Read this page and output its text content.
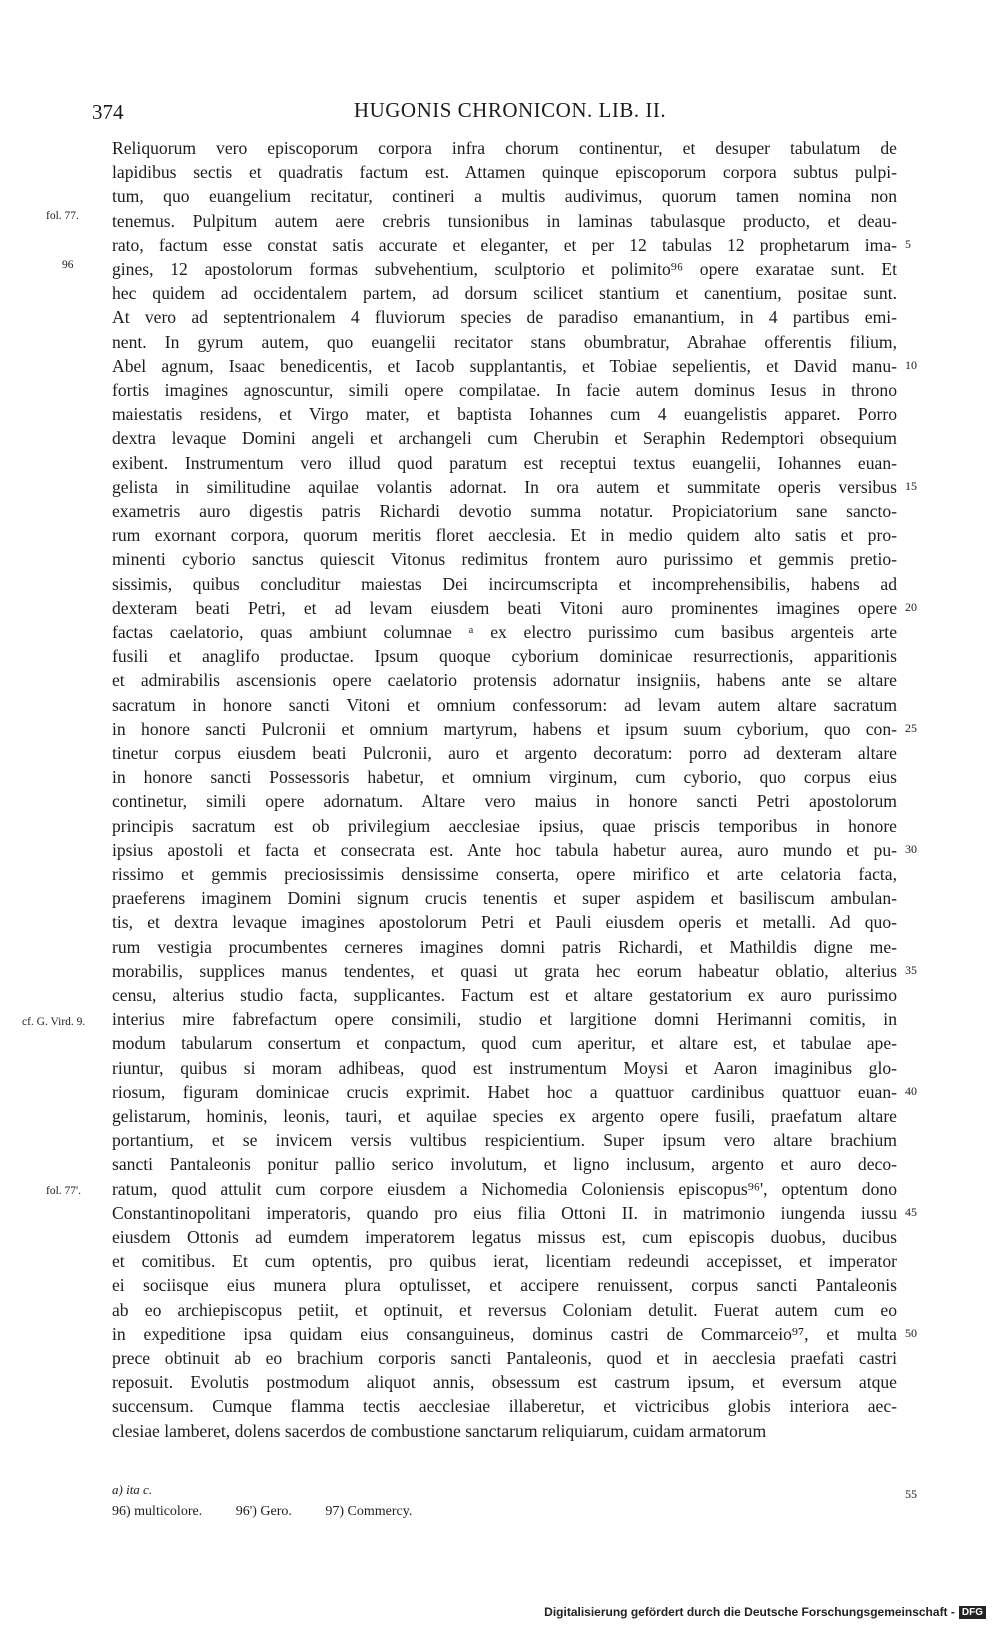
374	HUGONIS CHRONICON. LIB. II.
Reliquorum vero episcoporum corpora infra chorum continentur, et desuper tabulatum de
lapidibus sectis et quadratis factum est. Attamen quinque episcoporum corpora subtus pulpi-
tum, quo euangelium recitatur, contineri a multis audivimus, quorum tamen nomina non
tenemus. Pulpitum autem aere crebris tunsionibus in laminas tabulasque producto, et deau-
rato, factum esse constat satis accurate et eleganter, et per 12 tabulas 12 prophetarum ima-
gines, 12 apostolorum formas subvehentium, sculptorio et polimito⁹⁶ opere exaratae sunt. Et
hec quidem ad occidentalem partem, ad dorsum scilicet stantium et canentium, positae sunt.
At vero ad septentrionalem 4 fluviorum species de paradiso emanantium, in 4 partibus emi-
nent. In gyrum autem, quo euangelii recitator stans obumbratur, Abrahae offerentis filium,
Abel agnum, Isaac benedicentis, et Iacob supplantantis, et Tobiae sepelientis, et David manu-
fortis imagines agnoscuntur, simili opere compilatae. In facie autem dominus Iesus in throno
maiestatis residens, et Virgo mater, et baptista Iohannes cum 4 euangelistis apparet. Porro
dextra levaque Domini angeli et archangeli cum Cherubin et Seraphin Redemptori obsequium
exibent. Instrumentum vero illud quod paratum est receptui textus euangelii, Iohannes euan-
gelista in similitudine aquilae volantis adornat. In ora autem et summitate operis versibus
exametris auro digestis patris Richardi devotio summa notatur. Propiciatorium sane sancto-
rum exornant corpora, quorum meritis floret aecclesia. Et in medio quidem alto satis et pro-
minenti cyborio sanctus quiescit Vitonus redimitus frontem auro purissimo et gemmis pretio-
sissimis, quibus concluditur maiestas Dei incircumscripta et incomprehensibilis, habens ad
dexteram beati Petri, et ad levam eiusdem beati Vitoni auro prominentes imagines opere
factas caelatorio, quas ambiunt columnae ᵃ ex electro purissimo cum basibus argenteis arte
fusili et anaglifo productae. Ipsum quoque cyborium dominicae resurrectionis, apparitionis
et admirabilis ascensionis opere caelatorio protensis adornatur insigniis, habens ante se altare
sacratum in honore sancti Vitoni et omnium confessorum: ad levam autem altare sacratum
in honore sancti Pulcronii et omnium martyrum, habens et ipsum suum cyborium, quo con-
tinetur corpus eiusdem beati Pulcronii, auro et argento decoratum: porro ad dexteram altare
in honore sancti Possessoris habetur, et omnium virginum, cum cyborio, quo corpus eius
continetur, simili opere adornatum. Altare vero maius in honore sancti Petri apostolorum
principis sacratum est ob privilegium aecclesiae ipsius, quae priscis temporibus in honore
ipsius apostoli et facta et consecrata est. Ante hoc tabula habetur aurea, auro mundo et pu-
rissimo et gemmis preciosissimis densissime conserta, opere mirifico et arte celatoria facta,
praeferens imaginem Domini signum crucis tenentis et super aspidem et basiliscum ambulan-
tis, et dextra levaque imagines apostolorum Petri et Pauli eiusdem operis et metalli. Ad quo-
rum vestigia procumbentes cerneres imagines domni patris Richardi, et Mathildis digne me-
morabilis, supplices manus tendentes, et quasi ut grata hec eorum habeatur oblatio, alterius
censu, alterius studio facta, supplicantes. Factum est et altare gestatorium ex auro purissimo
interius mire fabrefactum opere consimili, studio et largitione domni Herimanni comitis, in
modum tabularum consertum et conpactum, quod cum aperitur, et altare est, et tabulae ape-
riuntur, quibus si moram adhibeas, quod est instrumentum Moysi et Aaron imaginibus glo-
riosum, figuram dominicae crucis exprimit. Habet hoc a quattuor cardinibus quattuor euan-
gelistarum, hominis, leonis, tauri, et aquilae species ex argento opere fusili, praefatum altare
portantium, et se invicem versis vultibus respicientium. Super ipsum vero altare brachium
sancti Pantaleonis ponitur pallio serico involutum, et ligno inclusum, argento et auro deco-
ratum, quod attulit cum corpore eiusdem a Nichomedia Coloniensis episcopus⁹⁶', optentum dono
Constantinopolitani imperatoris, quando pro eius filia Ottoni II. in matrimonio iungenda iussu
eiusdem Ottonis ad eumdem imperatorem legatus missus est, cum episcopis duobus, ducibus
et comitibus. Et cum optentis, pro quibus ierat, licentiam redeundi accepisset, et imperator
ei sociisque eius munera plura optulisset, et accipere renuissent, corpus sancti Pantaleonis
ab eo archiepiscopus petiit, et optinuit, et reversus Coloniam detulit. Fuerat autem cum eo
in expeditione ipsa quidam eius consanguineus, dominus castri de Commarceio⁹⁷, et multa
prece obtinuit ab eo brachium corporis sancti Pantaleonis, quod et in aecclesia praefati castri
reposuit. Evolutis postmodum aliquot annis, obsessum est castrum ipsum, et eversum atque
succensum. Cumque flamma tectis aecclesiae illaberetur, et victricibus globis interiora aec-
clesiae lamberet, dolens sacerdos de combustione sanctarum reliquiarum, cuidam armatorum
5
10
15
20
25
30
35
40
45
50
fol. 77.
96
cf. G. Vird. 9.
fol. 77'.
a) ita c.
96) multicolore. 96') Gero. 97) Commercy.
55
Digitalisierung gefördert durch die Deutsche Forschungsgemeinschaft - DFG
